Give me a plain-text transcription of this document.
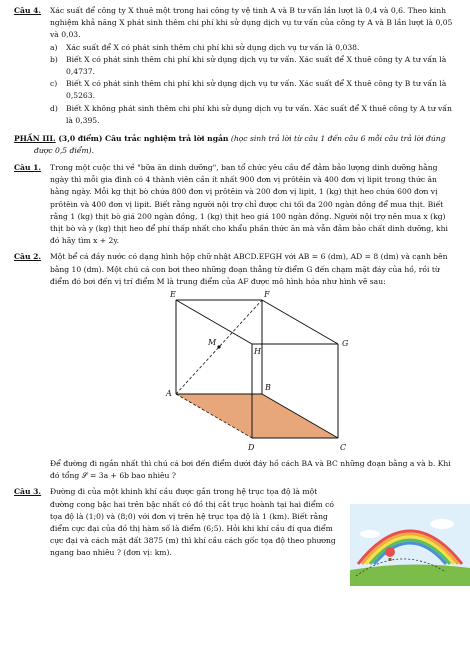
Câu 4. Xác suất để công ty X thuê một trong hai công ty vệ tinh A và B tư vấn lần lượt là 0,4 và 0,6. Theo kinh nghiệm khả năng X phát sinh thêm chi phí khi sử dụng dịch vụ tư vấn của công ty A và B lần lượt là 0,05 và 0,03.
a) Xác suất để X có phát sinh thêm chi phí khi sử dụng dịch vụ tư vấn là 0,038.
b) Biết X có phát sinh thêm chi phí khi sử dụng dịch vụ tư vấn. Xác suất để X thuê công ty A tư vấn là 0,4737.
c) Biết X có phát sinh thêm chi phí khi sử dụng dịch vụ tư vấn. Xác suất để X thuê công ty B tư vấn là 0,5263.
d) Biết X không phát sinh thêm chi phí khi sử dụng dịch vụ tư vấn. Xác suất để X thuê công ty A tư vấn là 0,395.
PHẦN III. (3,0 điểm) Câu trắc nghiệm trả lời ngắn (học sinh trả lời từ câu 1 đến câu 6 mỗi câu trả lời đúng
được 0,5 điểm).
Câu 1. Trong một cuộc thi về "bữa ăn dinh dưỡng", ban tổ chức yêu cầu để đảm bảo lượng dinh dưỡng hằng ngày thì mỗi gia đình có 4 thành viên cần ít nhất 900 đơn vị prôtêin và 400 đơn vị lipit trong thức ăn hằng ngày. Mỗi kg thịt bò chứa 800 đơn vị prôtêin và 200 đơn vị lipit, 1 (kg) thịt heo chứa 600 đơn vị prôtêin và 400 đơn vị lipit. Biết rằng người nội trợ chỉ được chi tối đa 200 ngàn đồng để mua thịt. Biết rằng 1 (kg) thịt bò giá 200 ngàn đồng, 1 (kg) thịt heo giá 100 ngàn đồng. Người nội trợ nên mua x (kg) thịt bò và y (kg) thịt heo để phí thấp nhất cho khẩu phần thức ăn mà vẫn đảm bảo chất dinh dưỡng, khi đó hãy tìm x + 2y.
Câu 2. Một bể cá đầy nước có dạng hình hộp chữ nhật ABCD.EFGH với AB = 6 (dm), AD = 8 (dm) và cạnh bên bằng 10 (dm). Một chú cá con bơi theo những đoạn thẳng từ điểm G đến chạm mặt đáy của hồ, rồi từ điểm đó bơi đến vị trí điểm M là trung điểm của AF được mô hình hóa như hình vẽ sau:
E	F
M
H
G
A
B
D	C
Để đường đi ngắn nhất thì chú cá bơi đến điểm dưới đáy hồ cách BA và BC những đoạn bằng a và b. Khi đó tổng 𝒮 = 3a + 6b bao nhiêu ?
Câu 3. Đường đi của một khinh khí cầu được gắn trong hệ trục tọa độ là một đường cong bậc hai trên bậc nhất có đồ thị cắt trục hoành tại hai điểm có tọa độ là (1;0) và (8;0) với đơn vị trên hệ trục tọa độ là 1 (km). Biết rằng điểm cực đại của đồ thị hàm số là điểm (6;5). Hỏi khi khí cầu đi qua điểm cực đại và cách mặt đất 3875 (m) thì khí cầu cách gốc tọa độ theo phương ngang bao nhiêu ? (đơn vị: km).
